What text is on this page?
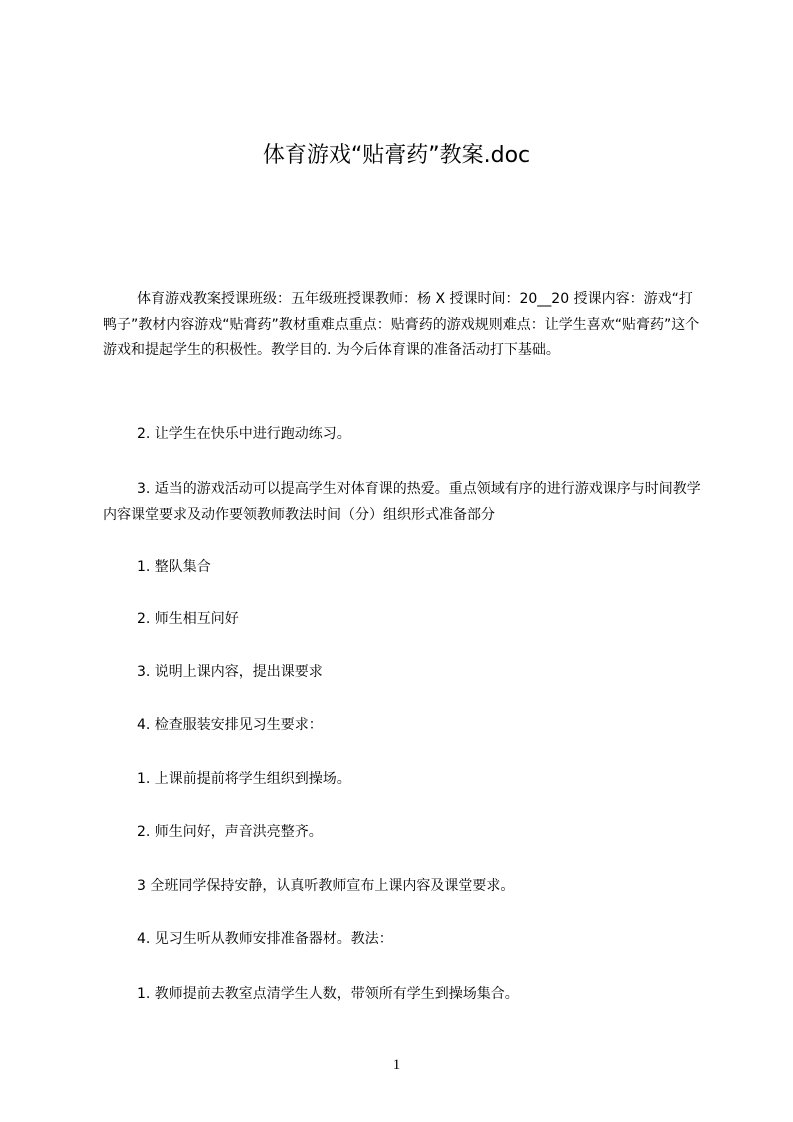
体育游戏“贴膏药”教案.doc

体育游戏教案授课班级：五年级班授课教师：杨 X 授课时间：20__20 授课内容：游戏“打鸭子”教材内容游戏“贴膏药”教材重难点重点：贴膏药的游戏规则难点：让学生喜欢“贴膏药”这个游戏和提起学生的积极性。教学目的. 为今后体育课的准备活动打下基础。

2. 让学生在快乐中进行跑动练习。

3. 适当的游戏活动可以提高学生对体育课的热爱。重点领域有序的进行游戏课序与时间教学内容课堂要求及动作要领教师教法时间（分）组织形式准备部分

1. 整队集合

2. 师生相互问好

3. 说明上课内容，提出课要求

4. 检查服装安排见习生要求：

1. 上课前提前将学生组织到操场。

2. 师生问好，声音洪亮整齐。

3 全班同学保持安静，认真听教师宣布上课内容及课堂要求。

4. 见习生听从教师安排准备器材。教法：

1. 教师提前去教室点清学生人数，带领所有学生到操场集合。

1
